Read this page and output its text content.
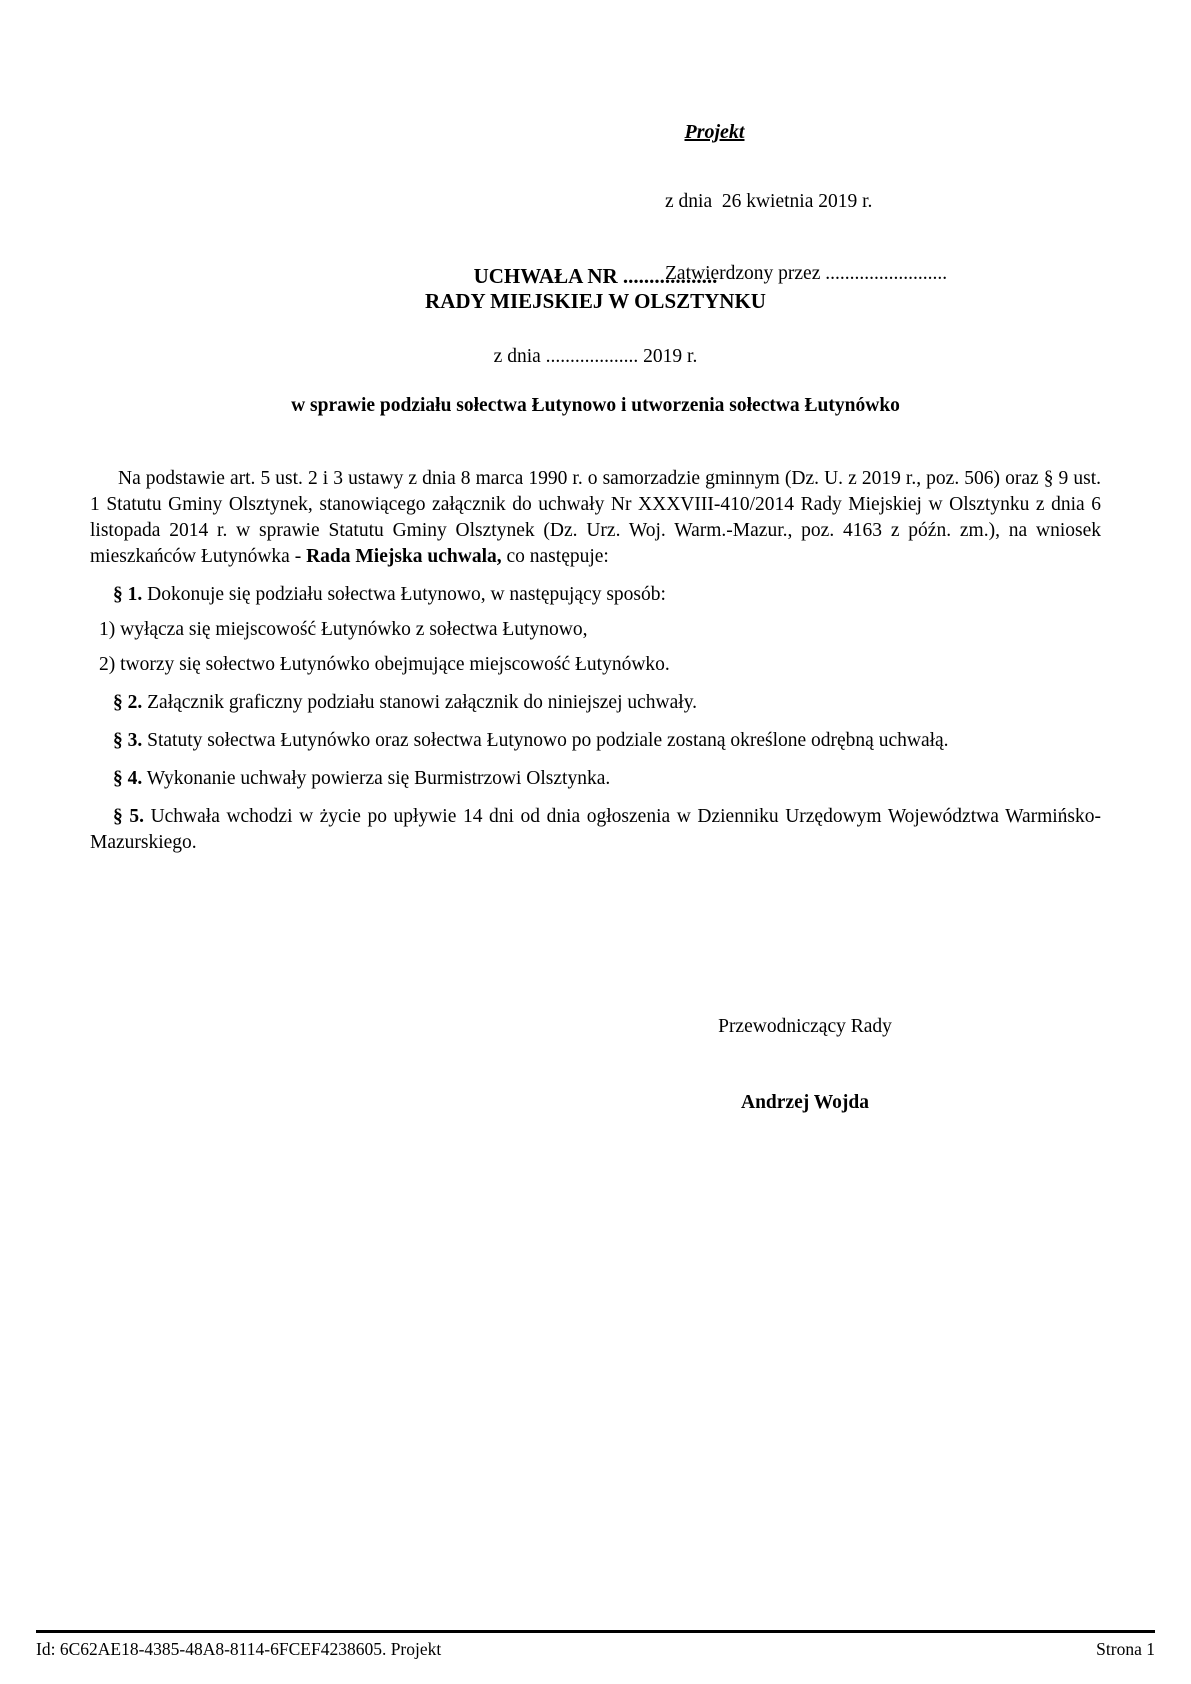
Projekt

z dnia  26 kwietnia 2019 r.

Zatwierdzony przez .........................

UCHWAŁA NR ..................
RADY MIEJSKIEJ W OLSZTYNKU
z dnia ................... 2019 r.
w sprawie podziału sołectwa Łutynowo i utworzenia sołectwa Łutynówko

Na podstawie art. 5 ust. 2 i 3 ustawy z dnia 8 marca 1990 r. o samorzadzie gminnym (Dz. U. z 2019 r., poz. 506) oraz § 9 ust. 1 Statutu Gminy Olsztynek, stanowiącego załącznik do uchwały Nr XXXVIII-410/2014 Rady Miejskiej w Olsztynku z dnia 6 listopada 2014 r. w sprawie Statutu Gminy Olsztynek (Dz. Urz. Woj. Warm.-Mazur., poz. 4163 z późn. zm.), na wniosek mieszkańców Łutynówka - Rada Miejska uchwala, co następuje:

§ 1. Dokonuje się podziału sołectwa Łutynowo, w następujący sposób:

1) wyłącza się miejscowość Łutynówko z sołectwa Łutynowo,

2) tworzy się sołectwo Łutynówko obejmujące miejscowość Łutynówko.

§ 2. Załącznik graficzny podziału stanowi załącznik do niniejszej uchwały.

§ 3. Statuty sołectwa Łutynówko oraz sołectwa Łutynowo po podziale zostaną określone odrębną uchwałą.

§ 4. Wykonanie uchwały powierza się Burmistrzowi Olsztynka.

§ 5. Uchwała wchodzi w życie po upływie 14 dni od dnia ogłoszenia w Dzienniku Urzędowym Województwa Warmińsko-Mazurskiego.

Przewodniczący Rady
Andrzej Wojda
Id: 6C62AE18-4385-48A8-8114-6FCEF4238605. Projekt	Strona 1
